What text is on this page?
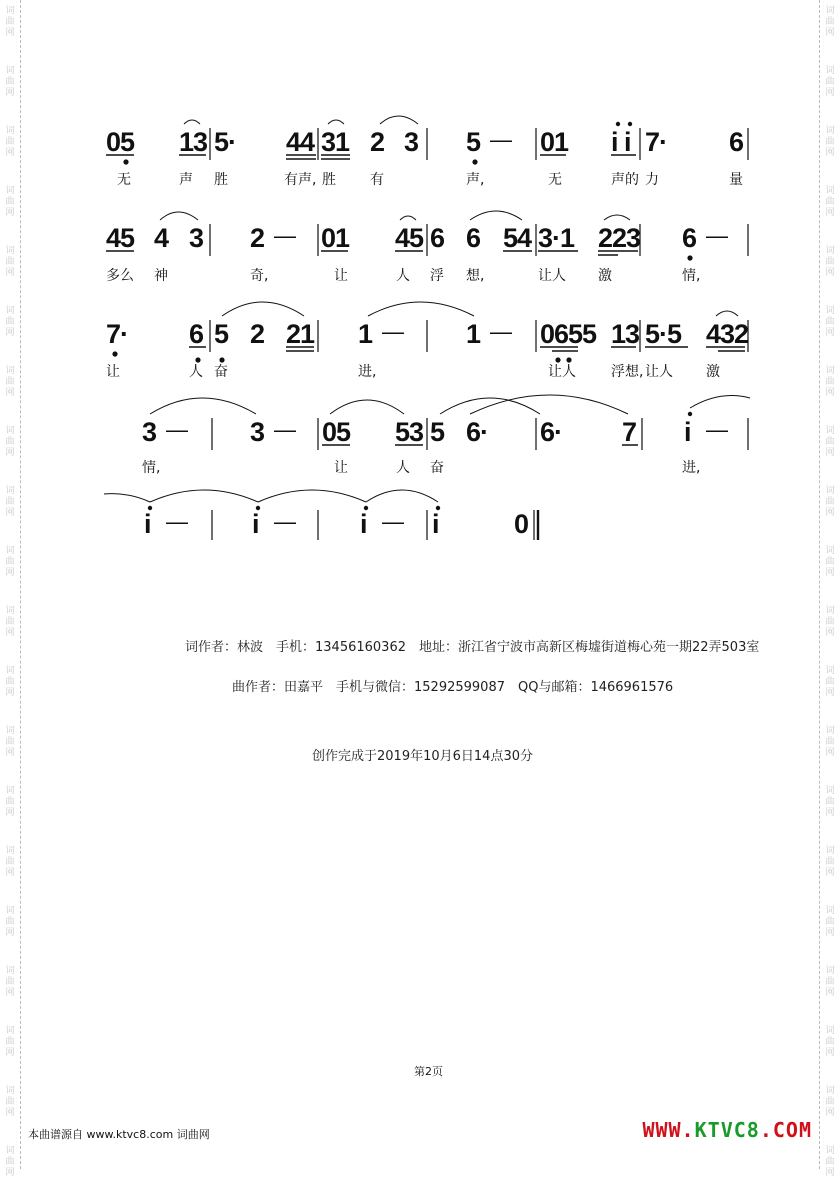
词
曲
网
词
曲
网
词
曲
网
词
曲
网
词
曲
网
词
曲
网
词
曲
网
词
曲
网
词
曲
网
词
曲
网
词
曲
网
词
曲
网
词
曲
网
词
曲
网
词
曲
网
词
曲
网
词
曲
网
词
曲
网
词
曲
网
词
曲
网
词
曲
网
词
曲
网
词
曲
网
词
曲
网
词
曲
网
词
曲
网
词
曲
网
词
曲
网
词
曲
网
词
曲
网
词
曲
网
词
曲
网
词
曲
网
词
曲
网
词
曲
网
词
曲
网
词
曲
网
词
曲
网
词
曲
网
词
曲
网
05 13 5· 44 31 2 3 5 — 01 i i 7· 6
无	声 胜	有声, 胜 有	声,	无	声的 力	量
45 4 3 2 — 01 45 6 6 54 3·1 223 6 —
多么 神	奇,	让	人 浮 想,	让人 激	情,
7· 6 5 2 21 1 — 1 — 0655 13 5·5 432
让	人 奋	进,	让人	浮想, 让人 激
3 — 3 — 05 53 5 6· 6· 7 i —
情,	让	人 奋	进,
i — i — i — i	0
词作者：林波　手机：13456160362　地址：浙江省宁波市高新区梅墟街道梅心苑一期22弄503室
曲作者：田嘉平　手机与微信：15292599087　QQ与邮箱：1466961576
创作完成于2019年10月6日14点30分
第2页
本曲谱源自 www.ktvc8.com 词曲网	WWW.KTVC8.COM
